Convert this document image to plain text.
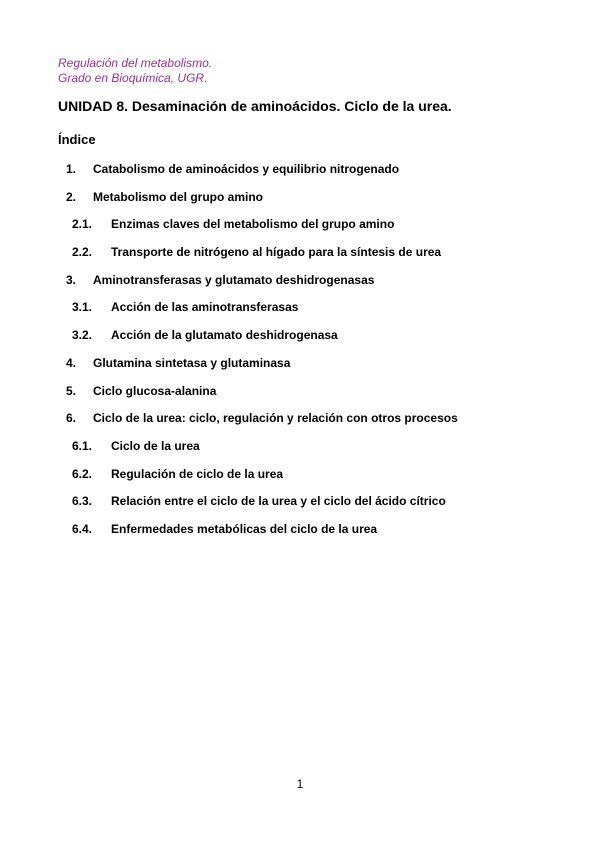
Regulación del metabolismo.
Grado en Bioquímica, UGR.
UNIDAD 8. Desaminación de aminoácidos. Ciclo de la urea.
Índice
1. Catabolismo de aminoácidos y equilibrio nitrogenado
2. Metabolismo del grupo amino
2.1. Enzimas claves del metabolismo del grupo amino
2.2. Transporte de nitrógeno al hígado para la síntesis de urea
3. Aminotransferasas y glutamato deshidrogenasas
3.1. Acción de las aminotransferasas
3.2. Acción de la glutamato deshidrogenasa
4. Glutamina sintetasa y glutaminasa
5. Ciclo glucosa-alanina
6. Ciclo de la urea: ciclo, regulación y relación con otros procesos
6.1. Ciclo de la urea
6.2. Regulación de ciclo de la urea
6.3. Relación entre el ciclo de la urea y el ciclo del ácido cítrico
6.4. Enfermedades metabólicas del ciclo de la urea
1
